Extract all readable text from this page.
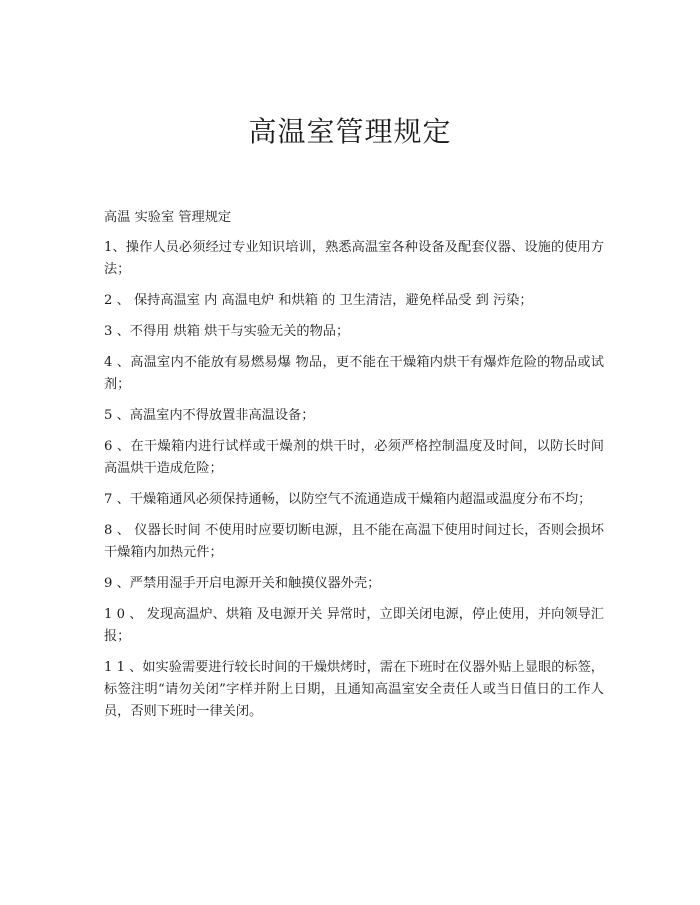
高温室管理规定

高温 实验室 管理规定

1、操作人员必须经过专业知识培训，熟悉高温室各种设备及配套仪器、设施的使用方法；

2 、 保持高温室 内 高温电炉 和烘箱 的 卫生清洁，避免样品受 到 污染；

3 、不得用 烘箱 烘干与实验无关的物品；

4 、高温室内不能放有易燃易爆 物品，更不能在干燥箱内烘干有爆炸危险的物品或试剂；

5 、高温室内不得放置非高温设备；

6 、在干燥箱内进行试样或干燥剂的烘干时，必须严格控制温度及时间，以防长时间高温烘干造成危险；

7 、干燥箱通风必须保持通畅，以防空气不流通造成干燥箱内超温或温度分布不均；

8 、 仪器长时间 不使用时应要切断电源，且不能在高温下使用时间过长，否则会损坏干燥箱内加热元件；

9 、严禁用湿手开启电源开关和触摸仪器外壳；

1 0 、 发现高温炉、烘箱 及电源开关 异常时，立即关闭电源，停止使用，并向领导汇报；

1 1 、如实验需要进行较长时间的干燥烘烤时，需在下班时在仪器外贴上显眼的标签，标签注明“请勿关闭”字样并附上日期，且通知高温室安全责任人或当日值日的工作人员，否则下班时一律关闭。
